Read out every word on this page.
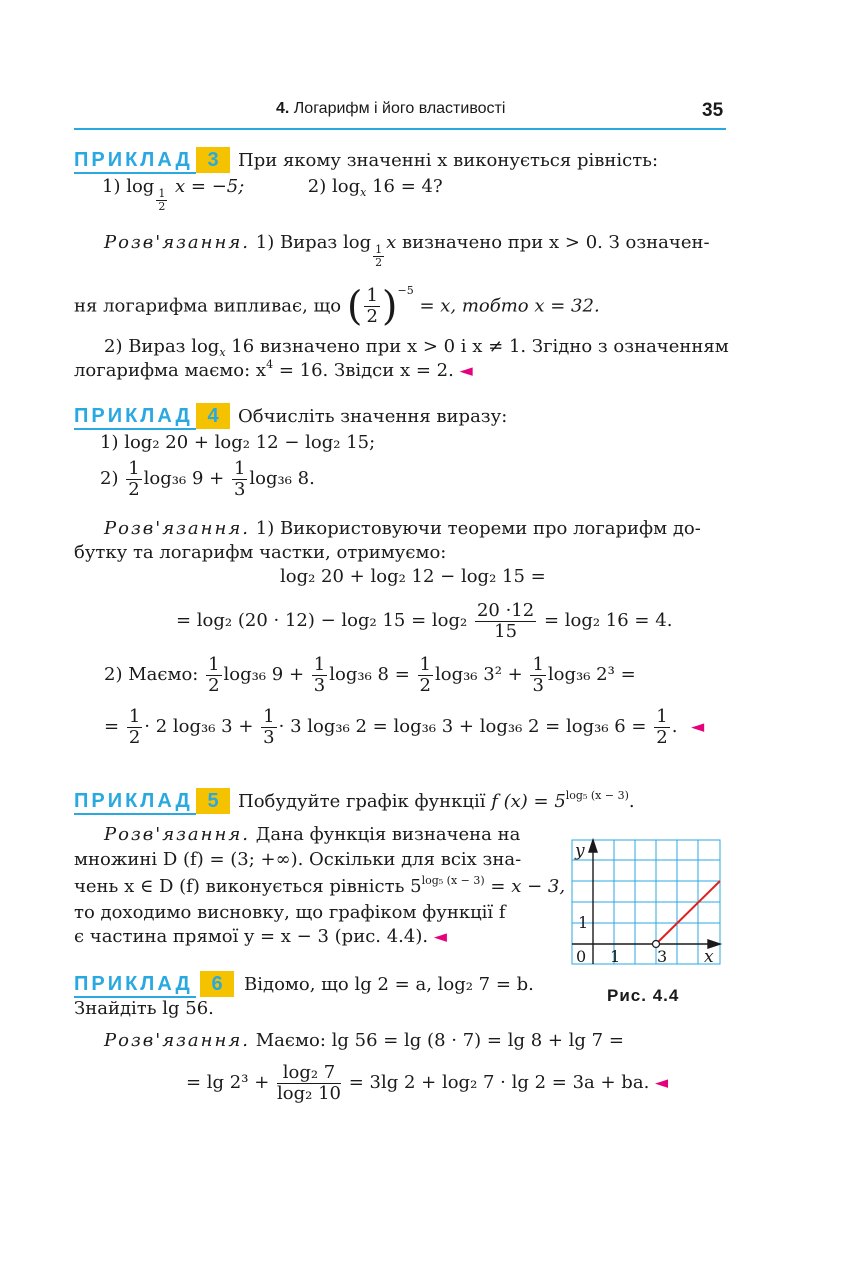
4. Логарифм і його властивості	35
ПРИКЛАД 3	При якому значенні x виконується рівність:
1) log
$\frac{1}{2}$
x = −5;	2) $\log_x 16 = 4$?
Розв'язання. 1) Вираз log
$\frac{1}{2}$
x визначено при x > 0. З означен-
ня логарифма випливає, що ( $\frac{1}{2} )^{-5} = x$, тобто x = 32.
2) Вираз $\log_x 16$ визначено при x > 0 і x ≠ 1. Згідно з означенням
логарифма маємо: $x^4 = 16$. Звідси x = 2. ◄
ПРИКЛАД 4	Обчисліть значення виразу:
1) log₂ 20 + log₂ 12 − log₂ 15;
$2) \frac{1}{2} \log_{36}$ $9 + \frac{1}{3} \log_{36}$ 8.
Розв'язання. 1) Використовуючи теореми про логарифм до-
бутку та логарифм частки, отримуємо:
log₂ 20 + log₂ 12 − log₂ 15 =
= log₂ (20 · 12) − log₂ $15 = \log_2 \frac{20 \cdot 12}{15} = \log_2$ 16 = 4.
2) Маємо: $\frac{1}{2} \log_{36}$ $9 + \frac{1}{3} \log_{36}$ $8 = \frac{1}{2} \log_{36}$ $3^2 + \frac{1}{3} \log_{36}$ 2³ =
= $\frac{1}{2} \cdot 2$ log₃₆ $3 + \frac{1}{3} \cdot 3$ log₃₆ 2 = log₃₆ 3 + log₃₆ 2 = log₃₆ $6 = \frac{1}{2}$ . ◄
ПРИКЛАД 5	Побудуйте графік функції f $(x) = 5^{log_5 (x - 3)}$.
Розв'язання. Дана функція визначена на
множині D (f) = (3; +∞). Оскільки для всіх зна-
чень x ∈ D (f) виконується рівність $5^{log_5 (x - 3)} = x - 3$,
то доходимо висновку, що графіком функції f
є частина прямої y = x − 3 (рис. 4.4). ◄
y
x
0 1 3
1
Рис. 4.4
ПРИКЛАД 6	Відомо, що lg 2 = a, log₂ 7 = b.
Знайдіть lg 56.
Розв'язання. Маємо: lg 56 = lg (8 · 7) = lg 8 + lg 7 =
= $\lg 2^3 + \frac{\text{log₂ 7}}{\text{log₂ 10}} = 3\lg$ 2 + log₂ 7 · lg 2 = 3a + ba. ◄
